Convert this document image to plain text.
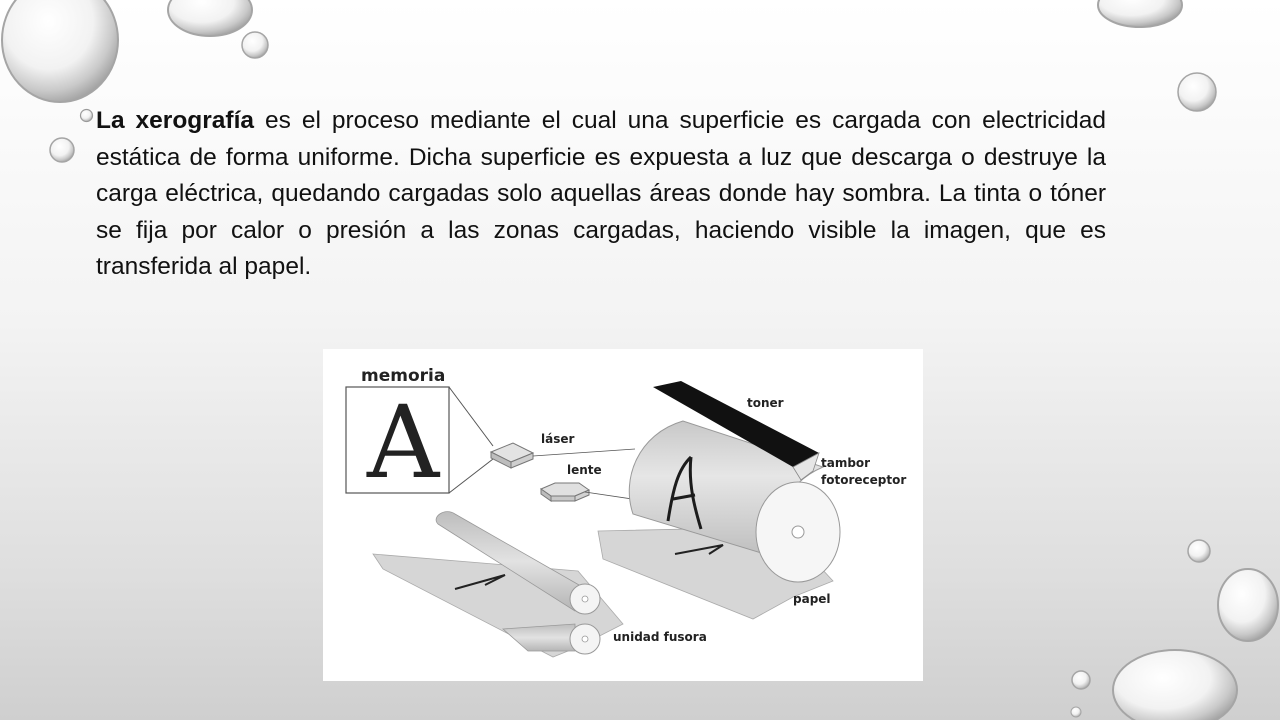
La xerografía es el proceso mediante el cual una superficie es cargada con electricidad estática de forma uniforme. Dicha superficie es expuesta a luz que descarga o destruye la carga eléctrica, quedando cargadas solo aquellas áreas donde hay sombra. La tinta o tóner se fija por calor o presión a las zonas cargadas, haciendo visible la imagen, que es transferida al papel.

memoria
A	láser
lente
toner
tambor
fotoreceptor
papel
unidad fusora
